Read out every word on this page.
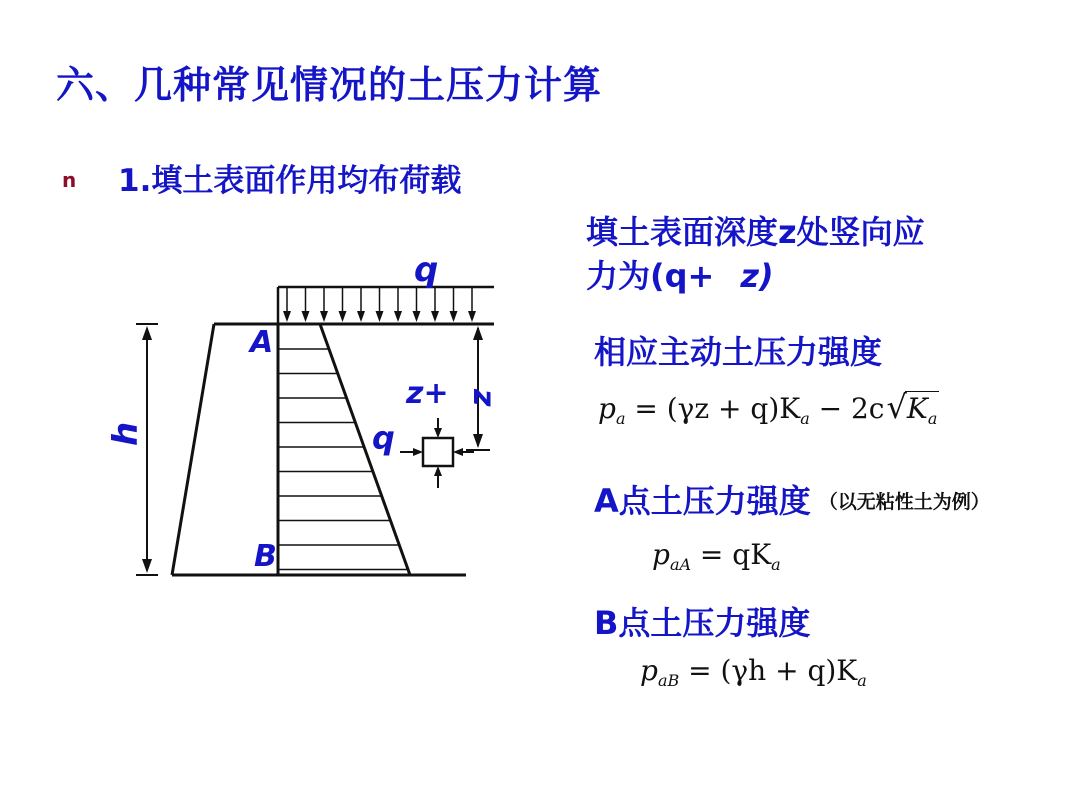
六、几种常见情况的土压力计算
n 1.填土表面作用均布荷载
q
A
B
h
z
z+
q
填土表面深度z处竖向应
力为(q+ z)
相应主动土压力强度
$p_a = (\gamma z + q)K_a - 2c√K_a$
A点土压力强度 （以无粘性土为例）
$p_{aA} = qK_a$
B点土压力强度
$p_{aB} = (\gamma h + q)K_a$
